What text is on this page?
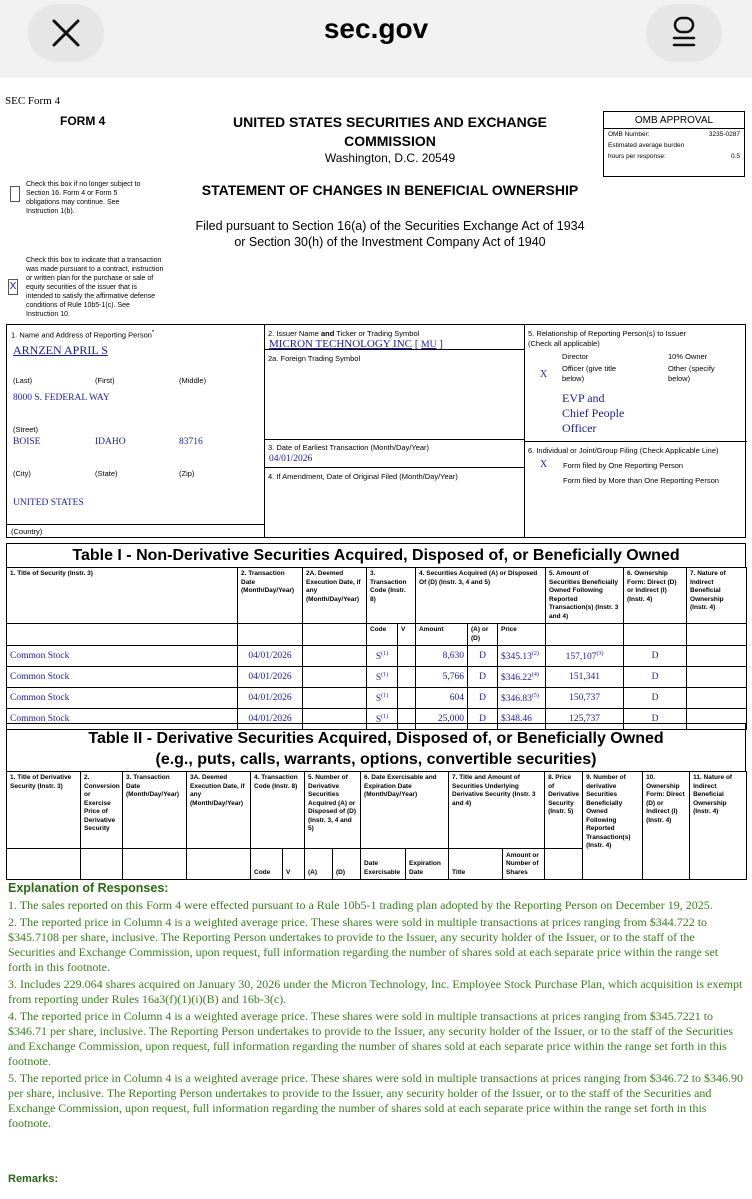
sec.gov
SEC Form 4
FORM 4	UNITED STATES SECURITIES AND EXCHANGE
COMMISSION
Washington, D.C. 20549
STATEMENT OF CHANGES IN BENEFICIAL OWNERSHIP
Filed pursuant to Section 16(a) of the Securities Exchange Act of 1934
or Section 30(h) of the Investment Company Act of 1940
OMB APPROVAL
OMB Number:	3235-0287
Estimated average burden
hours per response:	0.5
Check this box if no longer subject to Section 16. Form 4 or Form 5 obligations may continue. See Instruction 1(b).
X
Check this box to indicate that a transaction was made pursuant to a contract, instruction or written plan for the purchase or sale of equity securities of the issuer that is intended to satisfy the affirmative defense conditions of Rule 10b5-1(c). See Instruction 10.
1. Name and Address of Reporting Person*
ARNZEN APRIL S
(Last)	(First)	(Middle)
8000 S. FEDERAL WAY
(Street)
BOISE	IDAHO	83716
(City)	(State)	(Zip)
UNITED STATES
(Country)
2. Issuer Name and Ticker or Trading Symbol
MICRON TECHNOLOGY INC [ MU ]
2a. Foreign Trading Symbol
3. Date of Earliest Transaction (Month/Day/Year)
04/01/2026
4. If Amendment, Date of Original Filed (Month/Day/Year)
5. Relationship of Reporting Person(s) to Issuer
(Check all applicable)
Director	10% Owner
X
Officer (give title below)
Other (specify below)
EVP and
Chief People
Officer
6. Individual or Joint/Group Filing (Check Applicable Line)
X Form filed by One Reporting Person
Form filed by More than One Reporting Person
Table I - Non-Derivative Securities Acquired, Disposed of, or Beneficially Owned
1. Title of Security (Instr. 3)	2. Transaction Date (Month/Day/Year)	2A. Deemed Execution Date, if any (Month/Day/Year)	3. Transaction Code (Instr. 8)		4. Securities Acquired (A) or Disposed Of (D) (Instr. 3, 4 and 5)			5. Amount of Securities Beneficially Owned Following Reported Transaction(s) (Instr. 3 and 4)	6. Ownership Form: Direct (D) or Indirect (I) (Instr. 4)	7. Nature of Indirect Beneficial Ownership (Instr. 4)
			Code	V	Amount	(A) or (D)	Price			
Common Stock	04/01/2026		$S^{(1)}$		8,630	D	$345.13$^{(2)}$	157,107$^{(3)}$	D	
Common Stock	04/01/2026		$S^{(1)}$		5,766	D	$346.22$^{(4)}$	151,341	D	
Common Stock	04/01/2026		$S^{(1)}$		604	D	$346.83$^{(5)}$	150,737	D	
Common Stock	04/01/2026		$S^{(1)}$		25,000	D	$348.46	125,737	D	
Table II - Derivative Securities Acquired, Disposed of, or Beneficially Owned
(e.g., puts, calls, warrants, options, convertible securities)
1. Title of Derivative Security (Instr. 3)	2. Conversion or Exercise Price of Derivative Security	3. Transaction Date (Month/Day/Year)	3A. Deemed Execution Date, if any (Month/Day/Year)	4. Transaction Code (Instr. 8)		5. Number of Derivative Securities Acquired (A) or Disposed of (D) (Instr. 3, 4 and 5)		6. Date Exercisable and Expiration Date (Month/Day/Year)		7. Title and Amount of Securities Underlying Derivative Security (Instr. 3 and 4)		8. Price of Derivative Security (Instr. 5)	9. Number of derivative Securities Beneficially Owned Following Reported Transaction(s) (Instr. 4)	10. Ownership Form: Direct (D) or Indirect (I) (Instr. 4)	11. Nature of Indirect Beneficial Ownership (Instr. 4)
				Code	V	(A)	(D)	Date Exercisable	Expiration Date	Title	Amount or Number of Shares				
Explanation of Responses:

1. The sales reported on this Form 4 were effected pursuant to a Rule 10b5-1 trading plan adopted by the Reporting Person on December 19, 2025.

2. The reported price in Column 4 is a weighted average price. These shares were sold in multiple transactions at prices ranging from $344.722 to $345.7108 per share, inclusive. The Reporting Person undertakes to provide to the Issuer, any security holder of the Issuer, or to the staff of the Securities and Exchange Commission, upon request, full information regarding the number of shares sold at each separate price within the range set forth in this footnote.

3. Includes 229.064 shares acquired on January 30, 2026 under the Micron Technology, Inc. Employee Stock Purchase Plan, which acquisition is exempt from reporting under Rules 16a3(f)(1)(i)(B) and 16b-3(c).

4. The reported price in Column 4 is a weighted average price. These shares were sold in multiple transactions at prices ranging from $345.7221 to $346.71 per share, inclusive. The Reporting Person undertakes to provide to the Issuer, any security holder of the Issuer, or to the staff of the Securities and Exchange Commission, upon request, full information regarding the number of shares sold at each separate price within the range set forth in this footnote.

5. The reported price in Column 4 is a weighted average price. These shares were sold in multiple transactions at prices ranging from $346.72 to $346.90 per share, inclusive. The Reporting Person undertakes to provide to the Issuer, any security holder of the Issuer, or to the staff of the Securities and Exchange Commission, upon request, full information regarding the number of shares sold at each separate price within the range set forth in this footnote.

Remarks:
